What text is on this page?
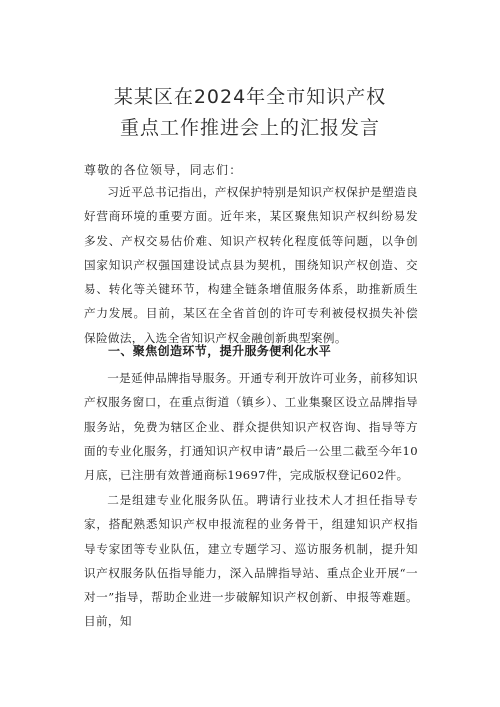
某某区在2024年全市知识产权
重点工作推进会上的汇报发言

尊敬的各位领导，同志们：

习近平总书记指出，产权保护特别是知识产权保护是塑造良好营商环境的重要方面。近年来，某区聚焦知识产权纠纷易发多发、产权交易估价难、知识产权转化程度低等问题，以争创国家知识产权强国建设试点县为契机，围绕知识产权创造、交易、转化等关键环节，构建全链条增值服务体系，助推新质生产力发展。目前，某区在全省首创的许可专利被侵权损失补偿保险做法，入选全省知识产权金融创新典型案例。

一、聚焦创造环节，提升服务便利化水平

一是延伸品牌指导服务。开通专利开放许可业务，前移知识产权服务窗口，在重点街道（镇乡）、工业集聚区设立品牌指导服务站，免费为辖区企业、群众提供知识产权咨询、指导等方面的专业化服务，打通知识产权申请”最后一公里二截至今年10月底，已注册有效普通商标19697件，完成版权登记602件。

二是组建专业化服务队伍。聘请行业技术人才担任指导专家，搭配熟悉知识产权申报流程的业务骨干，组建知识产权指导专家团等专业队伍，建立专题学习、巡访服务机制，提升知识产权服务队伍指导能力，深入品牌指导站、重点企业开展“一对一”指导，帮助企业进一步破解知识产权创新、申报等难题。目前，知
